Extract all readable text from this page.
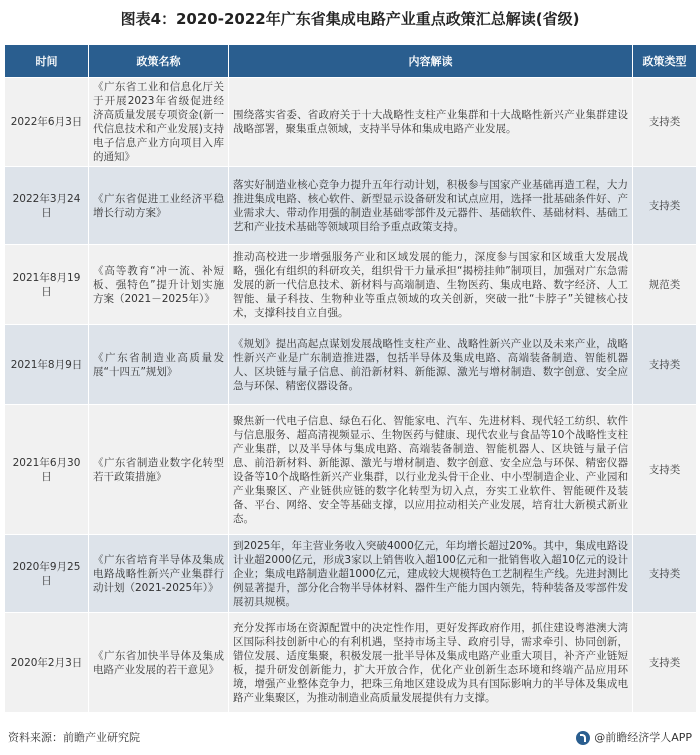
图表4：2020-2022年广东省集成电路产业重点政策汇总解读(省级)
时间	政策名称	内容解读	政策类型
2022年6月3日	《广东省工业和信息化厅关于开展2023年省级促进经济高质量发展专项资金(新一代信息技术和产业发展)支持电子信息产业方向项目入库的通知》	围绕落实省委、省政府关于十大战略性支柱产业集群和十大战略性新兴产业集群建设战略部署，聚集重点领域，支持半导体和集成电路产业发展。	支持类
2022年3月24日	《广东省促进工业经济平稳增长行动方案》	落实好制造业核心竞争力提升五年行动计划，积极参与国家产业基础再造工程，大力推进集成电路、核心软件、新型显示设备研发和试点应用，选择一批基础条件好、产业需求大、带动作用强的制造业基础零部件及元器件、基础软件、基础材料、基础工艺和产业技术基础等领域项目给予重点政策支持。	支持类
2021年8月19日	《高等教育“冲一流、补短板、强特色”提升计划实施方案（2021－2025年）》	推动高校进一步增强服务产业和区域发展的能力，深度参与国家和区域重大发展战略，强化有组织的科研攻关，组织骨干力量承担“揭榜挂帅”制项目，加强对广东急需发展的新一代信息技术、新材料与高端制造、生物医药、集成电路、数字经济、人工智能、量子科技、生物种业等重点领域的攻关创新，突破一批“卡脖子”关键核心技术，支撑科技自立自强。	规范类
2021年8月9日	《广东省制造业高质量发展“十四五”规划》	《规划》提出高起点谋划发展战略性支柱产业、战略性新兴产业以及未来产业，战略性新兴产业是广东制造推进器，包括半导体及集成电路、高端装备制造、智能机器人、区块链与量子信息、前沿新材料、新能源、激光与增材制造、数字创意、安全应急与环保、精密仪器设备。	支持类
2021年6月30日	《广东省制造业数字化转型若干政策措施》	聚焦新一代电子信息、绿色石化、智能家电、汽车、先进材料、现代轻工纺织、软件与信息服务、超高清视频显示、生物医药与健康、现代农业与食品等10个战略性支柱产业集群，以及半导体与集成电路、高端装备制造、智能机器人、区块链与量子信息、前沿新材料、新能源、激光与增材制造、数字创意、安全应急与环保、精密仪器设备等10个战略性新兴产业集群，以行业龙头骨干企业、中小型制造企业、产业园和产业集聚区、产业链供应链的数字化转型为切入点，夯实工业软件、智能硬件及装备、平台、网络、安全等基础支撑，以应用拉动相关产业发展，培育壮大新模式新业态。	支持类
2020年9月25日	《广东省培育半导体及集成电路战略性新兴产业集群行动计划（2021-2025年）》	到2025年，年主营业务收入突破4000亿元，年均增长超过20%。其中，集成电路设计业超2000亿元，形成3家以上销售收入超100亿元和一批销售收入超10亿元的设计企业；集成电路制造业超1000亿元，建成较大规模特色工艺制程生产线。先进封测比例显著提升，部分化合物半导体材料、器件生产能力国内领先，特种装备及零部件发展初具规模。	支持类
2020年2月3日	《广东省加快半导体及集成电路产业发展的若干意见》	充分发挥市场在资源配置中的决定性作用，更好发挥政府作用，抓住建设粤港澳大湾区国际科技创新中心的有利机遇，坚持市场主导、政府引导，需求牵引、协同创新，错位发展、适度集聚，积极发展一批半导体及集成电路产业重大项目，补齐产业链短板，提升研发创新能力，扩大开放合作，优化产业创新生态环境和终端产品应用环境，增强产业整体竞争力，把珠三角地区建设成为具有国际影响力的半导体及集成电路产业集聚区，为推动制造业高质量发展提供有力支撑。	支持类
资料来源：前瞻产业研究院	@前瞻经济学人APP
